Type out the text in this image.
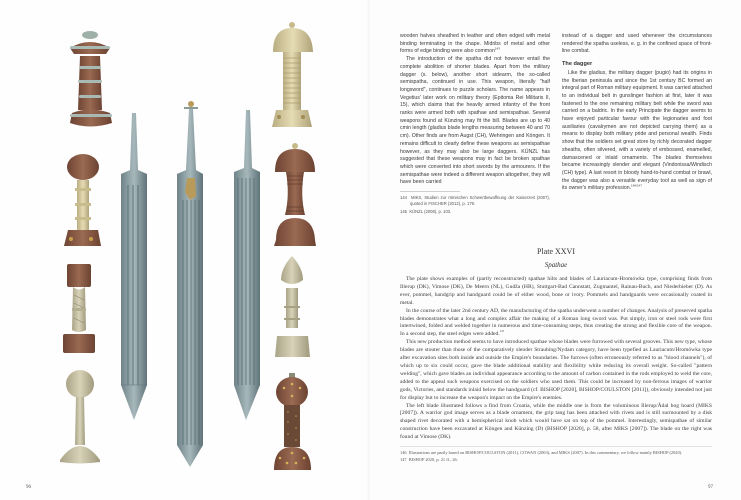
96

wooden halves sheathed in leather and often edged with metal binding terminating in the chape. Midribs of metal and other forms of edge binding were also common$^{143}$

The introduction of the spatha did not however entail the complete abolition of shorter blades. Apart from the military dagger (s. below), another short sidearm, the so-called semispatha, continued in use. This weapon, literally "half longsword", continues to puzzle scholars. The name appears in Vegetius' later work on military theory (Epitoma Rei Militaris II, 15), which claims that the heavily armed infantry of the front ranks were armed both with spathae and semispathae. Several weapons found at Künzing may fit the bill. Blades are up to 40 cmin length (gladius blade lengths measuring between 40 and 70 cm). Other finds are from Augst (CH), Wehringen and Köngen. It remains difficult to clearly define these weapons as semispathae however, as they may also be large daggers. KÜNZL has suggested that these weapons may in fact be broken spathae which were converted into short swords by the armourers. If the semispathae were indeed a different weapon altogether, they will have been carried

144 MIKS, Studien zur römischen Schwertbewaffnung der Kaiserzeit (2007), quoted in FISCHER (2012), p. 179.
145 KÜNZL (2008), p. 103.

instead of a dagger and used whenever the circumstances rendered the spatha useless, e. g. in the confined space of front-line combat.

The dagger

Like the gladius, the military dagger (pugio) had its origins in the Iberian peninsula and since the 1st century BC formed an integral part of Roman military equipment. It was carried attached to an individual belt in gunslinger fashion at first, later it was fastened to the one remaining military belt while the sword was carried on a baldric. In the early Principate the dagger seems to have enjoyed particular favour with the legionaries and foot auxiliaries (cavalrymen are not depicted carrying them) as a means to display both military pride and personal wealth. Finds show that the soldiers set great store by richly decorated dagger sheaths, often silvered, with a variety of embossed, enamelled, damascened or inlaid ornaments. The blades themselves became increasingly slender and elegant (Vindonissa/Windisch (CH) type). A last resort in bloody hand-to-hand combat or brawl, the dagger was also a versatile everyday tool as well as sign of its owner's military profession.$^{146/147}$

Plate XXVI
Spathae

The plate shows examples of (partly reconstructed) spathae hilts and blades of Lauriacum-Hromówka type, comprising finds from Illerup (DK), Vimose (DK), De Meern (NL), Gudža (HR), Stuttgart-Bad Cannstatt, Zugmantel, Rainau-Buch, and Niederbieber (D). As ever, pommel, handgrip and handguard could be of either wood, bone or ivory. Pommels and handguards were occasionally coated in metal.

In the course of the later 2nd century AD, the manufacturing of the spatha underwent a number of changes. Analysis of preserved spatha blades demonstrates what a long and complex affair the making of a Roman long sword was. Put simply, iron or steel rods were first intertwined, folded and welded together in numerous and time-consuming steps, thus creating the strong and flexible core of the weapon. In a second step, the steel edges were added.$^{147}$

This new production method seems to have introduced spathae whose blades were furrowed with several grooves. This new type, whose blades are stouter than those of the comparatively slender Straubing/Nydam category, have been typefied as Lauriacum/Hromówka type after excavation sites both inside and outside the Empire's boundaries. The furrows (often erroneously referred to as "blood channels"), of which up to six could occur, gave the blade additional stability and flexibility while reducing its overall weight. So-called "pattern welding", which gave blades an individual appearance according to the amount of carbon contained in the rods employed to weld the core, added to the appeal such weapons exercised on the soldiers who used them. This could be increased by non-ferrous images of warrior gods, Victories, and standards inlaid below the handguard (cf. BISHOP [2020], BISHOP/COULSTON [2011]), obviously intended not just for display but to increase the weapon's impact on the Empire's enemies.

The left blade illustrated follows a find from Croatia, while the middle one is from the voluminous Illerup/Ådal bog hoard (MIKS [2007]). A warrior god image serves as a blade ornament, the grip tang has been attached with rivets and is still surmounted by a disk shaped rivet decorated with a hemispherical knob which would have sat on top of the pommel. Interestingly, semispathae of similar construction have been excavated at Köngen and Künzing (D) (BISHOP [2020], p. 58, after MIKS [2007]). The blade on the right was found at Vimose (DK).

146 Illustrations are partly based on BISHOP/COULSTON (2011), COWAN (2003), and MIKS (2007). In this commentary, we follow mainly BISHOP (2020).
147 BISHOP 2020, p. 21 ff., 26.
97
